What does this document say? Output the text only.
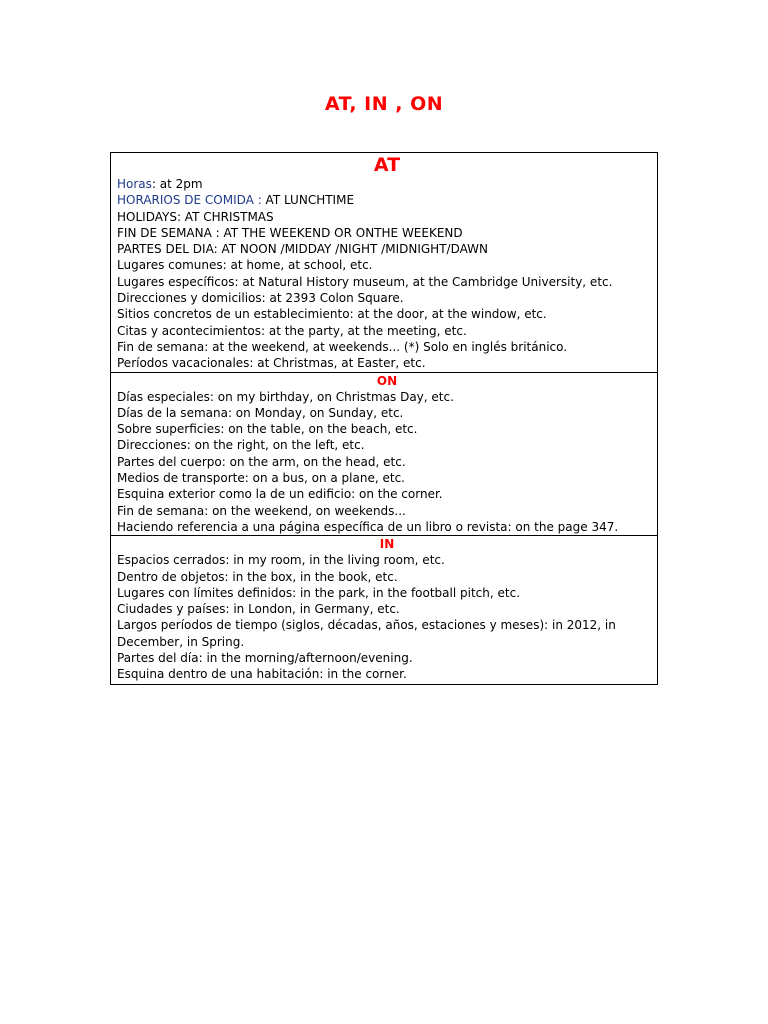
AT, IN , ON
AT
Horas: at 2pm
HORARIOS DE COMIDA : AT LUNCHTIME
HOLIDAYS: AT CHRISTMAS
FIN DE SEMANA : AT THE WEEKEND OR ONTHE WEEKEND
PARTES DEL DIA: AT NOON /MIDDAY /NIGHT /MIDNIGHT/DAWN
Lugares comunes: at home, at school, etc.
Lugares específicos: at Natural History museum, at the Cambridge University, etc.
Direcciones y domicilios: at 2393 Colon Square.
Sitios concretos de un establecimiento: at the door, at the window, etc.
Citas y acontecimientos: at the party, at the meeting, etc.
Fin de semana: at the weekend, at weekends... (*) Solo en inglés británico.
Períodos vacacionales: at Christmas, at Easter, etc.
ON
Días especiales: on my birthday, on Christmas Day, etc.
Días de la semana: on Monday, on Sunday, etc.
Sobre superficies: on the table, on the beach, etc.
Direcciones: on the right, on the left, etc.
Partes del cuerpo: on the arm, on the head, etc.
Medios de transporte: on a bus, on a plane, etc.
Esquina exterior como la de un edificio: on the corner.
Fin de semana: on the weekend, on weekends...
Haciendo referencia a una página específica de un libro o revista: on the page 347.
IN
Espacios cerrados: in my room, in the living room, etc.
Dentro de objetos: in the box, in the book, etc.
Lugares con límites definidos: in the park, in the football pitch, etc.
Ciudades y países: in London, in Germany, etc.
Largos períodos de tiempo (siglos, décadas, años, estaciones y meses): in 2012, in December, in Spring.
Partes del día: in the morning/afternoon/evening.
Esquina dentro de una habitación: in the corner.
